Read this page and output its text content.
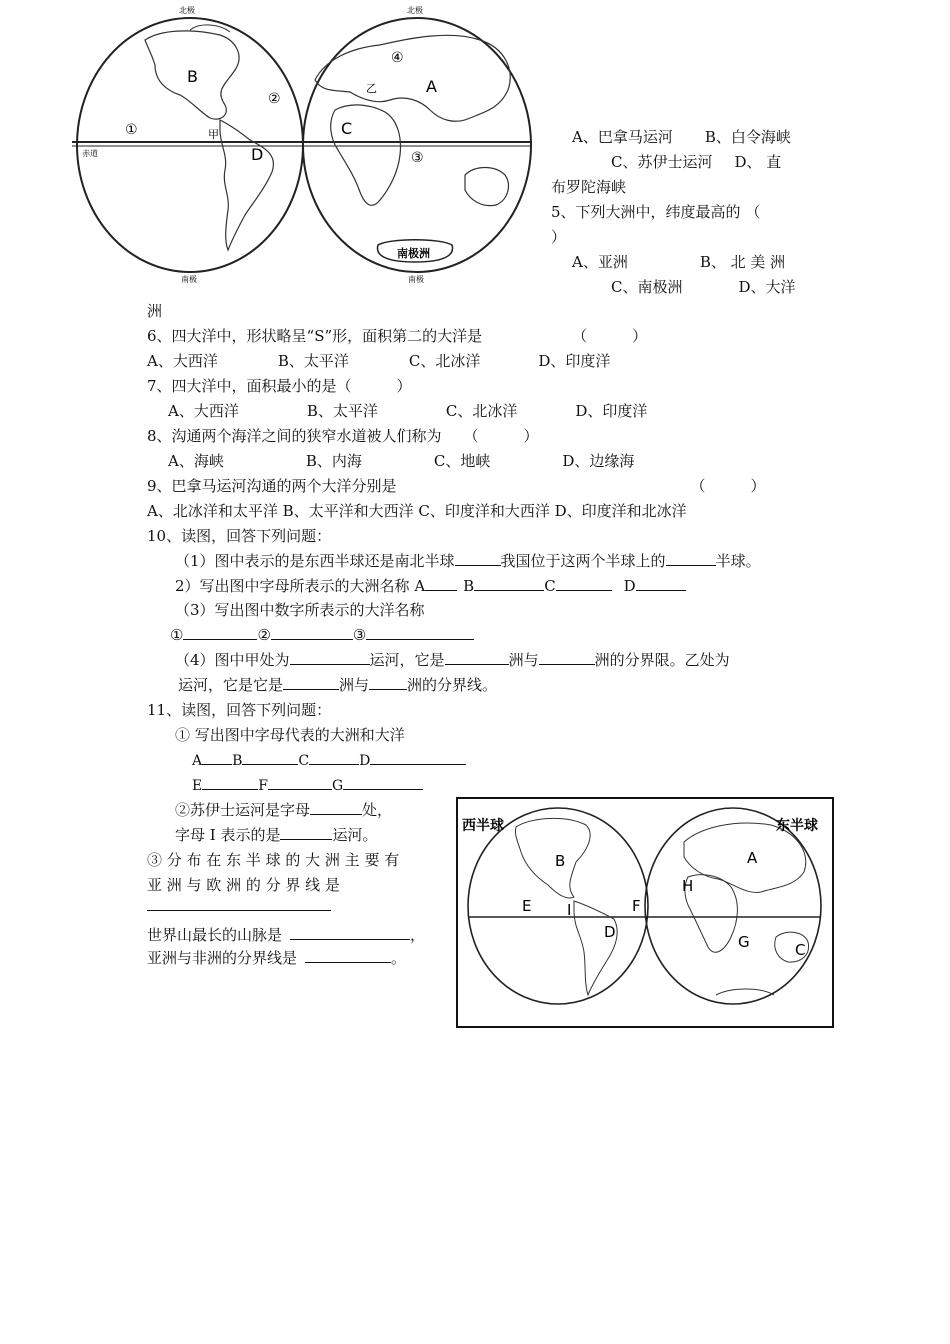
南极洲
北极	北极
南极	南极
赤道
B
A
C
D
①
②
③
④
甲
乙
A、巴拿马运河 B、白令海峡
C、苏伊士运河 D、 直
布罗陀海峡
5、下列大洲中，纬度最高的 （
）
A、亚洲	B、 北 美 洲
C、南极洲	D、大洋
洲
6、四大洋中，形状略呈“S”形，面积第二的大洋是	（　　　）
A、大西洋	B、太平洋	C、北冰洋	D、印度洋
7、四大洋中，面积最小的是（　　　）
A、大西洋	B、太平洋	C、北冰洋	D、印度洋
8、沟通两个海洋之间的狭窄水道被人们称为 （　　　）
A、海峡	B、内海	C、地峡	D、边缘海
9、巴拿马运河沟通的两个大洋分别是	（　　　）
A、北冰洋和太平洋 B、太平洋和大西洋 C、印度洋和大西洋 D、印度洋和北冰洋
10、读图，回答下列问题：
（1）图中表示的是东西半球还是南北半球	我国位于这两个半球上的	半球。
2）写出图中字母所表示的大洲名称 A	B	C	D
（3）写出图中数字所表示的大洋名称
①	②	③
（4）图中甲处为	运河，它是	洲与	洲的分界限。乙处为
运河，它是它是	洲与	洲的分界线。
11、读图，回答下列问题：
① 写出图中字母代表的大洲和大洋
A B	C	D
E	F	G
②苏伊士运河是字母	处，
字母 I 表示的是	运河。
③ 分 布 在 东 半 球 的 大 洲 主 要 有
亚 洲 与 欧 洲 的 分 界 线 是
世界山最长的山脉是	，
亚洲与非洲的分界线是	。
西半球	东半球
B	A
H
E I	F
D
G	C
